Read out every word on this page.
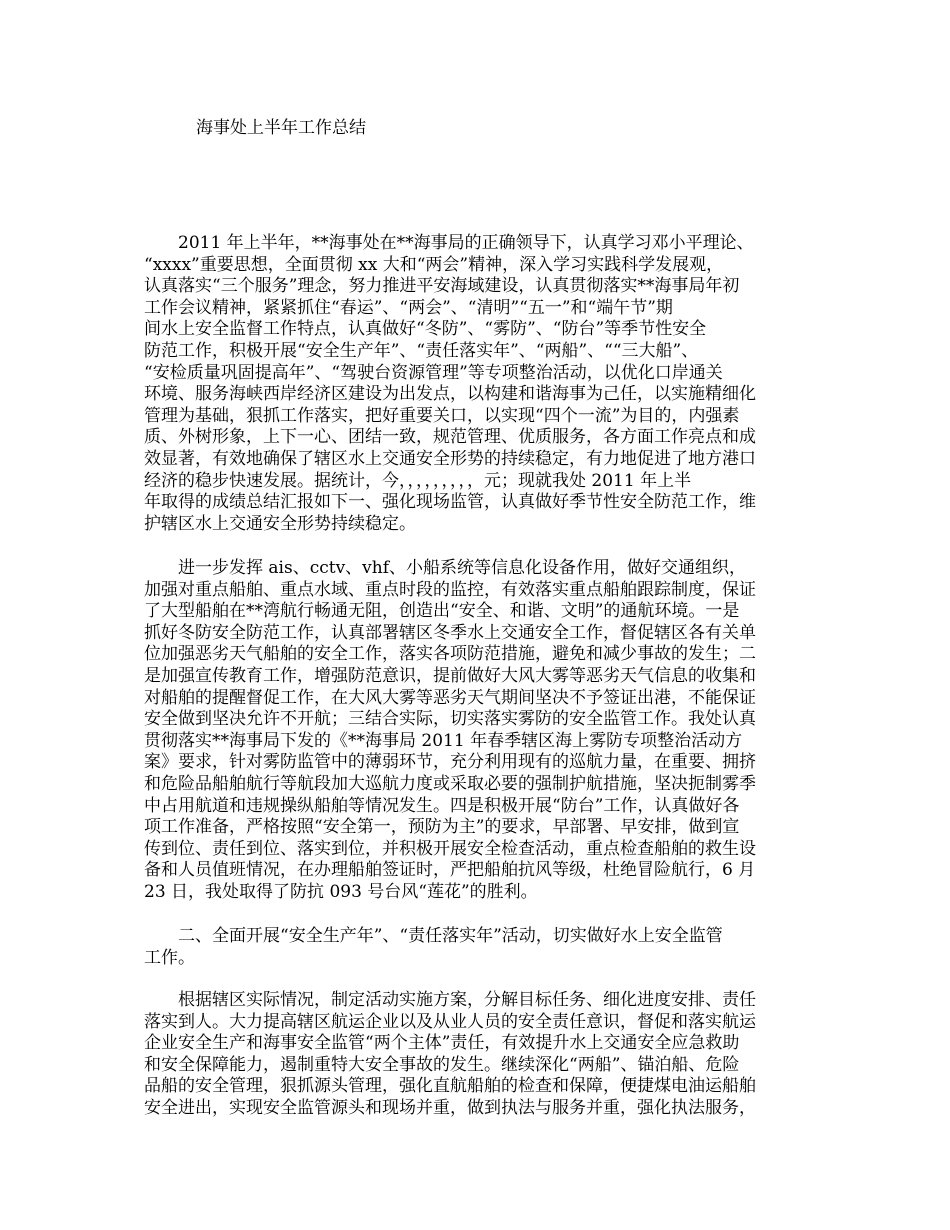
海事处上半年工作总结
　　2011 年上半年，**海事处在**海事局的正确领导下，认真学习邓小平理论、
“xxxx”重要思想，全面贯彻 xx 大和“两会”精神，深入学习实践科学发展观，
认真落实“三个服务”理念，努力推进平安海域建设，认真贯彻落实**海事局年初
工作会议精神，紧紧抓住“春运”、“两会”、“清明”“五一”和“端午节”期
间水上安全监督工作特点，认真做好“冬防”、“雾防”、“防台”等季节性安全
防范工作，积极开展“安全生产年”、“责任落实年”、“两船”、““三大船”、
“安检质量巩固提高年”、“驾驶台资源管理”等专项整治活动，以优化口岸通关
环境、服务海峡西岸经济区建设为出发点，以构建和谐海事为己任，以实施精细化
管理为基础，狠抓工作落实，把好重要关口，以实现“四个一流”为目的，内强素
质、外树形象，上下一心、团结一致，规范管理、优质服务，各方面工作亮点和成
效显著，有效地确保了辖区水上交通安全形势的持续稳定，有力地促进了地方港口
经济的稳步快速发展。据统计，今，，，，，，，，，元；现就我处 2011 年上半
年取得的成绩总结汇报如下一、强化现场监管，认真做好季节性安全防范工作，维
护辖区水上交通安全形势持续稳定。
　　进一步发挥 ais、cctv、vhf、小船系统等信息化设备作用，做好交通组织，
加强对重点船舶、重点水域、重点时段的监控，有效落实重点船舶跟踪制度，保证
了大型船舶在**湾航行畅通无阻，创造出“安全、和谐、文明”的通航环境。一是
抓好冬防安全防范工作，认真部署辖区冬季水上交通安全工作，督促辖区各有关单
位加强恶劣天气船舶的安全工作，落实各项防范措施，避免和减少事故的发生；二
是加强宣传教育工作，增强防范意识，提前做好大风大雾等恶劣天气信息的收集和
对船舶的提醒督促工作，在大风大雾等恶劣天气期间坚决不予签证出港，不能保证
安全做到坚决允许不开航；三结合实际，切实落实雾防的安全监管工作。我处认真
贯彻落实**海事局下发的《**海事局 2011 年春季辖区海上雾防专项整治活动方
案》要求，针对雾防监管中的薄弱环节，充分利用现有的巡航力量，在重要、拥挤
和危险品船舶航行等航段加大巡航力度或采取必要的强制护航措施，坚决扼制雾季
中占用航道和违规操纵船舶等情况发生。四是积极开展“防台”工作，认真做好各
项工作准备，严格按照“安全第一，预防为主”的要求，早部署、早安排，做到宣
传到位、责任到位、落实到位，并积极开展安全检查活动，重点检查船舶的救生设
备和人员值班情况，在办理船舶签证时，严把船舶抗风等级，杜绝冒险航行，6 月
23 日，我处取得了防抗 093 号台风“莲花”的胜利。
　　二、全面开展“安全生产年”、“责任落实年”活动，切实做好水上安全监管
工作。
　　根据辖区实际情况，制定活动实施方案，分解目标任务、细化进度安排、责任
落实到人。大力提高辖区航运企业以及从业人员的安全责任意识，督促和落实航运
企业安全生产和海事安全监管“两个主体”责任，有效提升水上交通安全应急救助
和安全保障能力，遏制重特大安全事故的发生。继续深化“两船”、锚泊船、危险
品船的安全管理，狠抓源头管理，强化直航船舶的检查和保障，便捷煤电油运船舶
安全进出，实现安全监管源头和现场并重，做到执法与服务并重，强化执法服务，
